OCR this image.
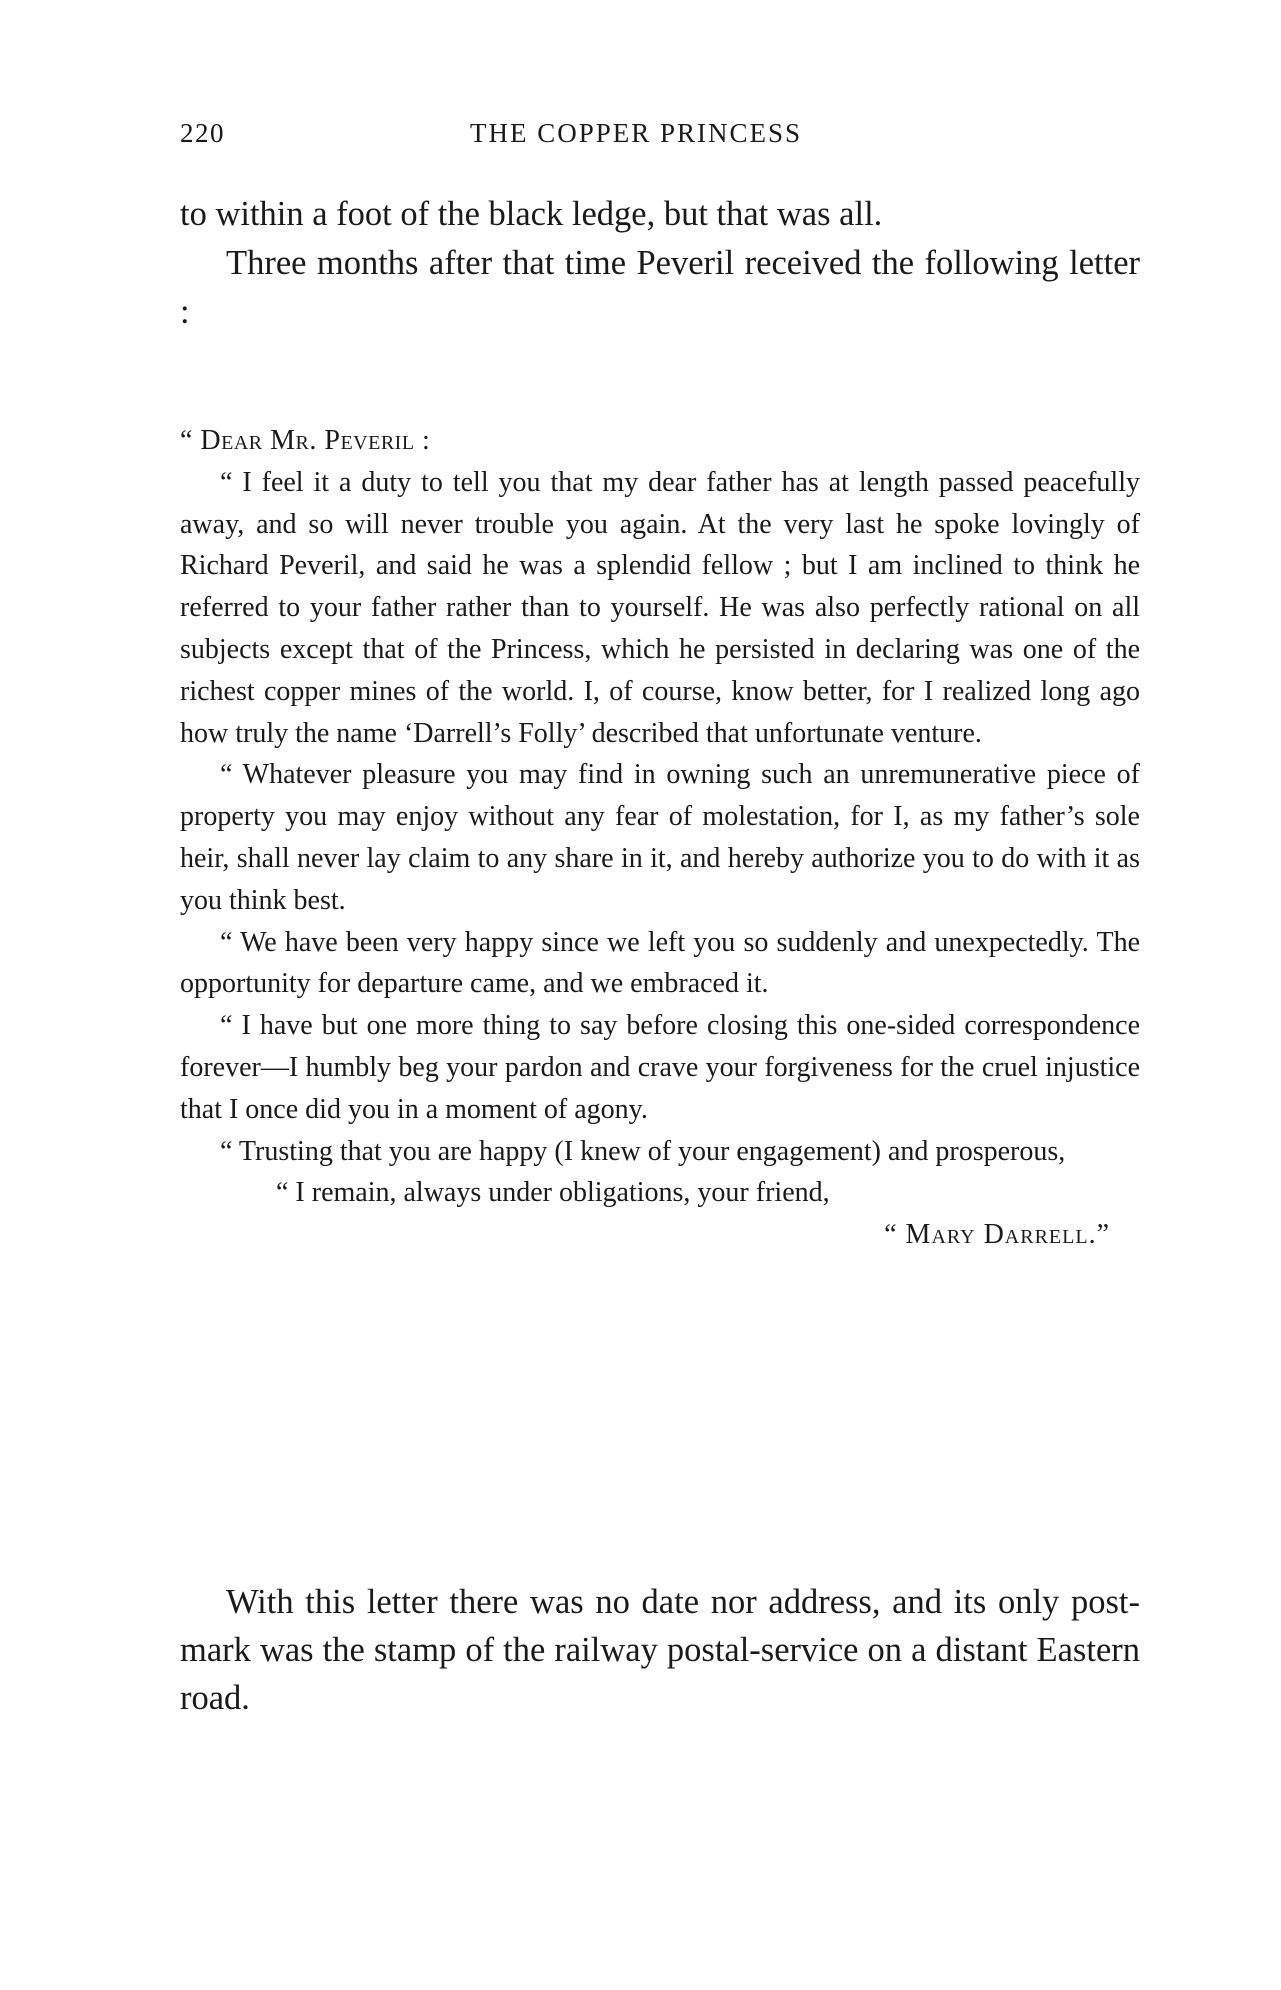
220	THE COPPER PRINCESS

to within a foot of the black ledge, but that was all.

Three months after that time Peveril received the following letter :

“ Dear Mr. Peveril :

“ I feel it a duty to tell you that my dear father has at length passed peacefully away, and so will never trouble you again. At the very last he spoke lovingly of Richard Peveril, and said he was a splendid fellow ; but I am inclined to think he referred to your father rather than to yourself. He was also perfectly rational on all subjects except that of the Princess, which he persisted in declaring was one of the richest copper mines of the world. I, of course, know better, for I realized long ago how truly the name ‘Darrell’s Folly’ described that unfortunate venture.

“ Whatever pleasure you may find in owning such an unremunerative piece of property you may enjoy without any fear of molestation, for I, as my father’s sole heir, shall never lay claim to any share in it, and hereby authorize you to do with it as you think best.

“ We have been very happy since we left you so suddenly and unexpectedly. The opportunity for departure came, and we embraced it.

“ I have but one more thing to say before closing this one-sided correspondence forever—I humbly beg your pardon and crave your forgiveness for the cruel injustice that I once did you in a moment of agony.

“ Trusting that you are happy (I knew of your engagement) and prosperous,

“ I remain, always under obligations, your friend,

“ Mary Darrell.”

With this letter there was no date nor address, and its only post-mark was the stamp of the railway postal-service on a distant Eastern road.
